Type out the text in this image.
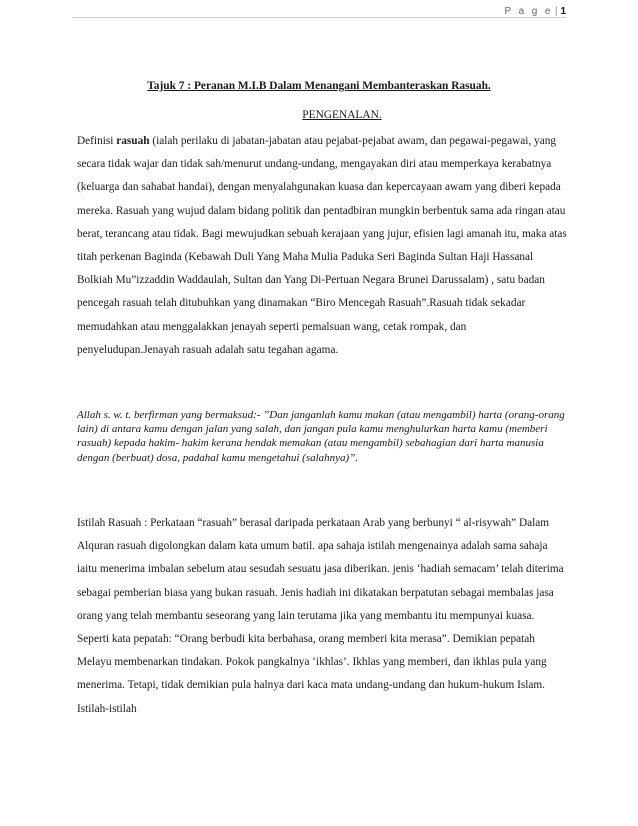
P a g e | 1
Tajuk 7 : Peranan M.I.B Dalam Menangani Membanteraskan Rasuah.
PENGENALAN.

Definisi rasuah (ialah perilaku di jabatan-jabatan atau pejabat-pejabat awam, dan pegawai-pegawai, yang secara tidak wajar dan tidak sah/menurut undang-undang, mengayakan diri atau memperkaya kerabatnya (keluarga dan sahabat handai), dengan menyalahgunakan kuasa dan kepercayaan awam yang diberi kepada mereka. Rasuah yang wujud dalam bidang politik dan pentadbiran mungkin berbentuk sama ada ringan atau berat, terancang atau tidak. Bagi mewujudkan sebuah kerajaan yang jujur, efisien lagi amanah itu, maka atas titah perkenan Baginda (Kebawah Duli Yang Maha Mulia Paduka Seri Baginda Sultan Haji Hassanal Bolkiah Mu”izzaddin Waddaulah, Sultan dan Yang Di-Pertuan Negara Brunei Darussalam) , satu badan pencegah rasuah telah ditubuhkan yang dinamakan “Biro Mencegah Rasuah”.Rasuah tidak sekadar memudahkan atau menggalakkan jenayah seperti pemalsuan wang, cetak rompak, dan penyeludupan.Jenayah rasuah adalah satu tegahan agama.

Allah s. w. t. berfirman yang bermaksud:- ”Dan janganlah kamu makan (atau mengambil) harta (orang-orang lain) di antara kamu dengan jalan yang salah, dan jangan pula kamu menghulurkan harta kamu (memberi rasuah) kepada hakim- hakim kerana hendak memakan (atau mengambil) sebahagian dari harta manusia dengan (berbuat) dosa, padahal kamu mengetahui (salahnya)”.

Istilah Rasuah : Perkataan “rasuah” berasal daripada perkataan Arab yang berbunyi “ al-risywah” Dalam Alquran rasuah digolongkan dalam kata umum batil. apa sahaja istilah mengenainya adalah sama sahaja iaitu menerima imbalan sebelum atau sesudah sesuatu jasa diberikan. jenis ‘hadiah semacam’ telah diterima sebagai pemberian biasa yang bukan rasuah. Jenis hadiah ini dikatakan berpatutan sebagai membalas jasa orang yang telah membantu seseorang yang lain terutama jika yang membantu itu mempunyai kuasa. Seperti kata pepatah: “Orang berbudi kita berbahasa, orang memberi kita merasa”. Demikian pepatah Melayu membenarkan tindakan. Pokok pangkalnya ‘ikhlas’. Ikhlas yang memberi, dan ikhlas pula yang menerima. Tetapi, tidak demikian pula halnya dari kaca mata undang-undang dan hukum-hukum Islam. Istilah-istilah
